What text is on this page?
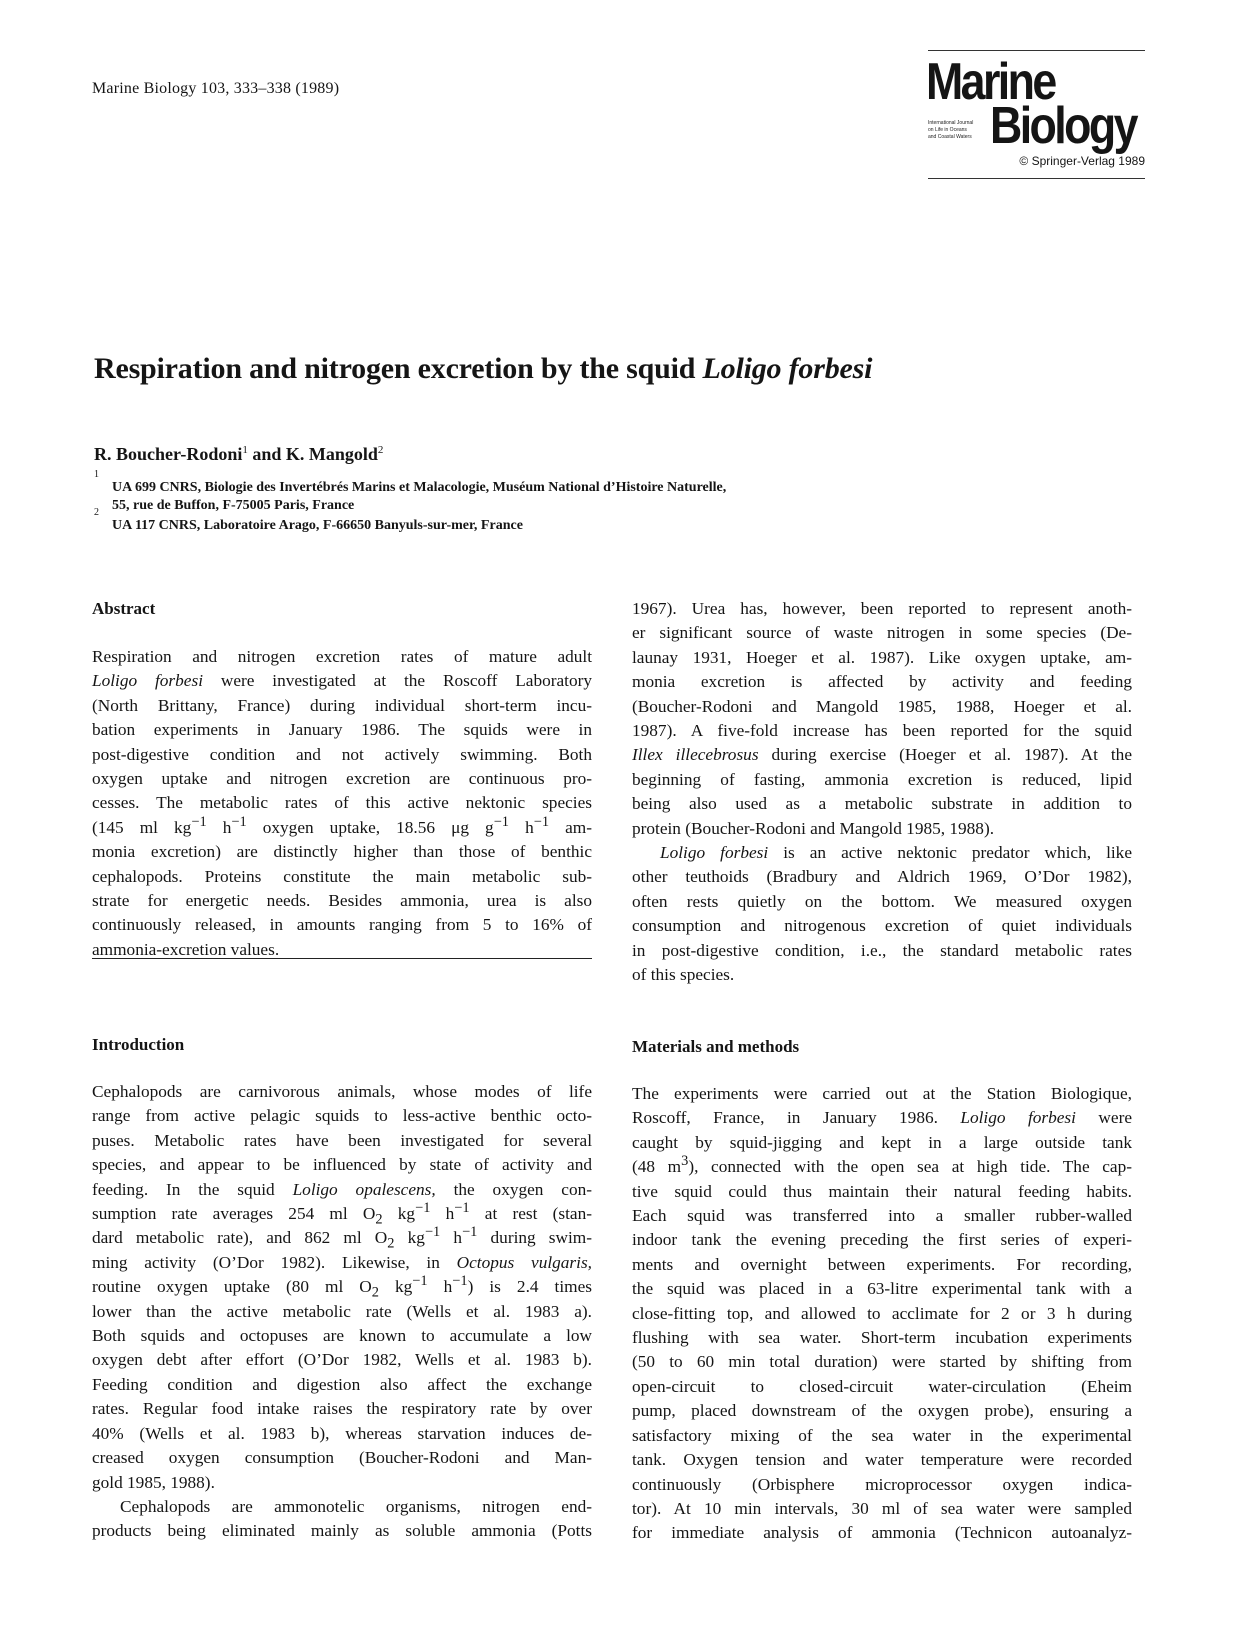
Marine Biology 103, 333–338 (1989)	Marine
International Journal
on Life in Oceans
and Coastal Waters Biology
© Springer-Verlag 1989
Respiration and nitrogen excretion by the squid Loligo forbesi
R. Boucher-Rodoni$^1$ and K. Mangold$^2$
1
UA 699 CNRS, Biologie des Invertébrés Marins et Malacologie, Muséum National d’Histoire Naturelle,
55, rue de Buffon, F-75005 Paris, France
2
UA 117 CNRS, Laboratoire Arago, F-66650 Banyuls-sur-mer, France
Abstract
Respiration and nitrogen excretion rates of mature adult
Loligo forbesi were investigated at the Roscoff Laboratory
(North Brittany, France) during individual short-term incu-
bation experiments in January 1986. The squids were in
post-digestive condition and not actively swimming. Both
oxygen uptake and nitrogen excretion are continuous pro-
cesses. The metabolic rates of this active nektonic species
(145 ml $kg^{-1}$ $h^{-1}$ oxygen uptake, 18.56 μg $g^{-1}$ $h^{-1}$ am-
monia excretion) are distinctly higher than those of benthic
cephalopods. Proteins constitute the main metabolic sub-
strate for energetic needs. Besides ammonia, urea is also
continuously released, in amounts ranging from 5 to 16% of
ammonia-excretion values.
1967). Urea has, however, been reported to represent anoth-
er significant source of waste nitrogen in some species (De-
launay 1931, Hoeger et al. 1987). Like oxygen uptake, am-
monia excretion is affected by activity and feeding
(Boucher-Rodoni and Mangold 1985, 1988, Hoeger et al.
1987). A five-fold increase has been reported for the squid
Illex illecebrosus during exercise (Hoeger et al. 1987). At the
beginning of fasting, ammonia excretion is reduced, lipid
being also used as a metabolic substrate in addition to
protein (Boucher-Rodoni and Mangold 1985, 1988).
Loligo forbesi is an active nektonic predator which, like
other teuthoids (Bradbury and Aldrich 1969, O’Dor 1982),
often rests quietly on the bottom. We measured oxygen
consumption and nitrogenous excretion of quiet individuals
in post-digestive condition, i.e., the standard metabolic rates
of this species.
Introduction
Cephalopods are carnivorous animals, whose modes of life
range from active pelagic squids to less-active benthic octo-
puses. Metabolic rates have been investigated for several
species, and appear to be influenced by state of activity and
feeding. In the squid Loligo opalescens, the oxygen con-
sumption rate averages 254 ml $O_2$ $kg^{-1}$ $h^{-1}$ at rest (stan-
dard metabolic rate), and 862 ml $O_2$ $kg^{-1}$ $h^{-1}$ during swim-
ming activity (O’Dor 1982). Likewise, in Octopus vulgaris,
routine oxygen uptake (80 ml $O_2$ $kg^{-1}$ $h^{-1}$) is 2.4 times
lower than the active metabolic rate (Wells et al. 1983 a).
Both squids and octopuses are known to accumulate a low
oxygen debt after effort (O’Dor 1982, Wells et al. 1983 b).
Feeding condition and digestion also affect the exchange
rates. Regular food intake raises the respiratory rate by over
40% (Wells et al. 1983 b), whereas starvation induces de-
creased oxygen consumption (Boucher-Rodoni and Man-
gold 1985, 1988).
Cephalopods are ammonotelic organisms, nitrogen end-
products being eliminated mainly as soluble ammonia (Potts
Materials and methods
The experiments were carried out at the Station Biologique,
Roscoff, France, in January 1986. Loligo forbesi were
caught by squid-jigging and kept in a large outside tank
(48 $m^3$), connected with the open sea at high tide. The cap-
tive squid could thus maintain their natural feeding habits.
Each squid was transferred into a smaller rubber-walled
indoor tank the evening preceding the first series of experi-
ments and overnight between experiments. For recording,
the squid was placed in a 63-litre experimental tank with a
close-fitting top, and allowed to acclimate for 2 or 3 h during
flushing with sea water. Short-term incubation experiments
(50 to 60 min total duration) were started by shifting from
open-circuit to closed-circuit water-circulation (Eheim
pump, placed downstream of the oxygen probe), ensuring a
satisfactory mixing of the sea water in the experimental
tank. Oxygen tension and water temperature were recorded
continuously (Orbisphere microprocessor oxygen indica-
tor). At 10 min intervals, 30 ml of sea water were sampled
for immediate analysis of ammonia (Technicon autoanalyz-
